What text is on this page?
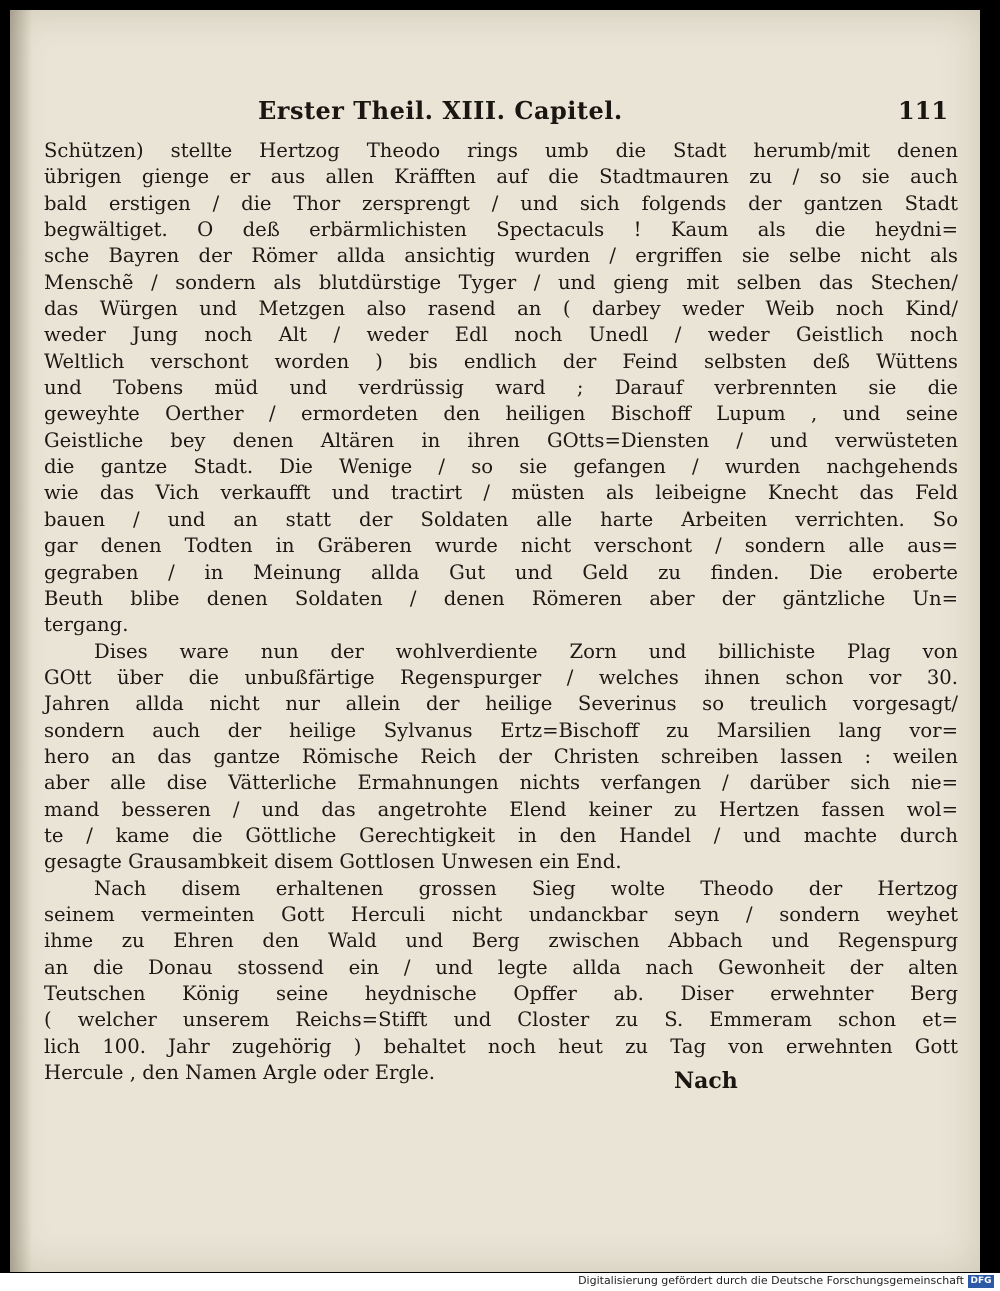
Erster Theil. XIII. Capitel.	111
Schützen) stellte Hertzog Theodo rings umb die Stadt herumb/mit denen
übrigen gienge er aus allen Kräfften auf die Stadtmauren zu / so sie auch
bald erstigen / die Thor zersprengt / und sich folgends der gantzen Stadt
begwältiget. O deß erbärmlichisten Spectaculs ! Kaum als die heydni=
sche Bayren der Römer allda ansichtig wurden / ergriffen sie selbe nicht als
Menschẽ / sondern als blutdürstige Tyger / und gieng mit selben das Stechen/
das Würgen und Metzgen also rasend an ( darbey weder Weib noch Kind/
weder Jung noch Alt / weder Edl noch Unedl / weder Geistlich noch
Weltlich verschont worden ) bis endlich der Feind selbsten deß Wüttens
und Tobens müd und verdrüssig ward ; Darauf verbrennten sie die
geweyhte Oerther / ermordeten den heiligen Bischoff Lupum , und seine
Geistliche bey denen Altären in ihren GOtts=Diensten / und verwüsteten
die gantze Stadt. Die Wenige / so sie gefangen / wurden nachgehends
wie das Vich verkaufft und tractirt / müsten als leibeigne Knecht das Feld
bauen / und an statt der Soldaten alle harte Arbeiten verrichten. So
gar denen Todten in Gräberen wurde nicht verschont / sondern alle aus=
gegraben / in Meinung allda Gut und Geld zu finden. Die eroberte
Beuth blibe denen Soldaten / denen Römeren aber der gäntzliche Un=
tergang.
Dises ware nun der wohlverdiente Zorn und billichiste Plag von
GOtt über die unbußfärtige Regenspurger / welches ihnen schon vor 30.
Jahren allda nicht nur allein der heilige Severinus so treulich vorgesagt/
sondern auch der heilige Sylvanus Ertz=Bischoff zu Marsilien lang vor=
hero an das gantze Römische Reich der Christen schreiben lassen : weilen
aber alle dise Vätterliche Ermahnungen nichts verfangen / darüber sich nie=
mand besseren / und das angetrohte Elend keiner zu Hertzen fassen wol=
te / kame die Göttliche Gerechtigkeit in den Handel / und machte durch
gesagte Grausambkeit disem Gottlosen Unwesen ein End.
Nach disem erhaltenen grossen Sieg wolte Theodo der Hertzog
seinem vermeinten Gott Herculi nicht undanckbar seyn / sondern weyhet
ihme zu Ehren den Wald und Berg zwischen Abbach und Regenspurg
an die Donau stossend ein / und legte allda nach Gewonheit der alten
Teutschen König seine heydnische Opffer ab. Diser erwehnter Berg
( welcher unserem Reichs=Stifft und Closter zu S. Emmeram schon et=
lich 100. Jahr zugehörig ) behaltet noch heut zu Tag von erwehnten Gott
Hercule , den Namen Argle oder Ergle.	Nach
Digitalisierung gefördert durch die Deutsche Forschungsgemeinschaft DFG
